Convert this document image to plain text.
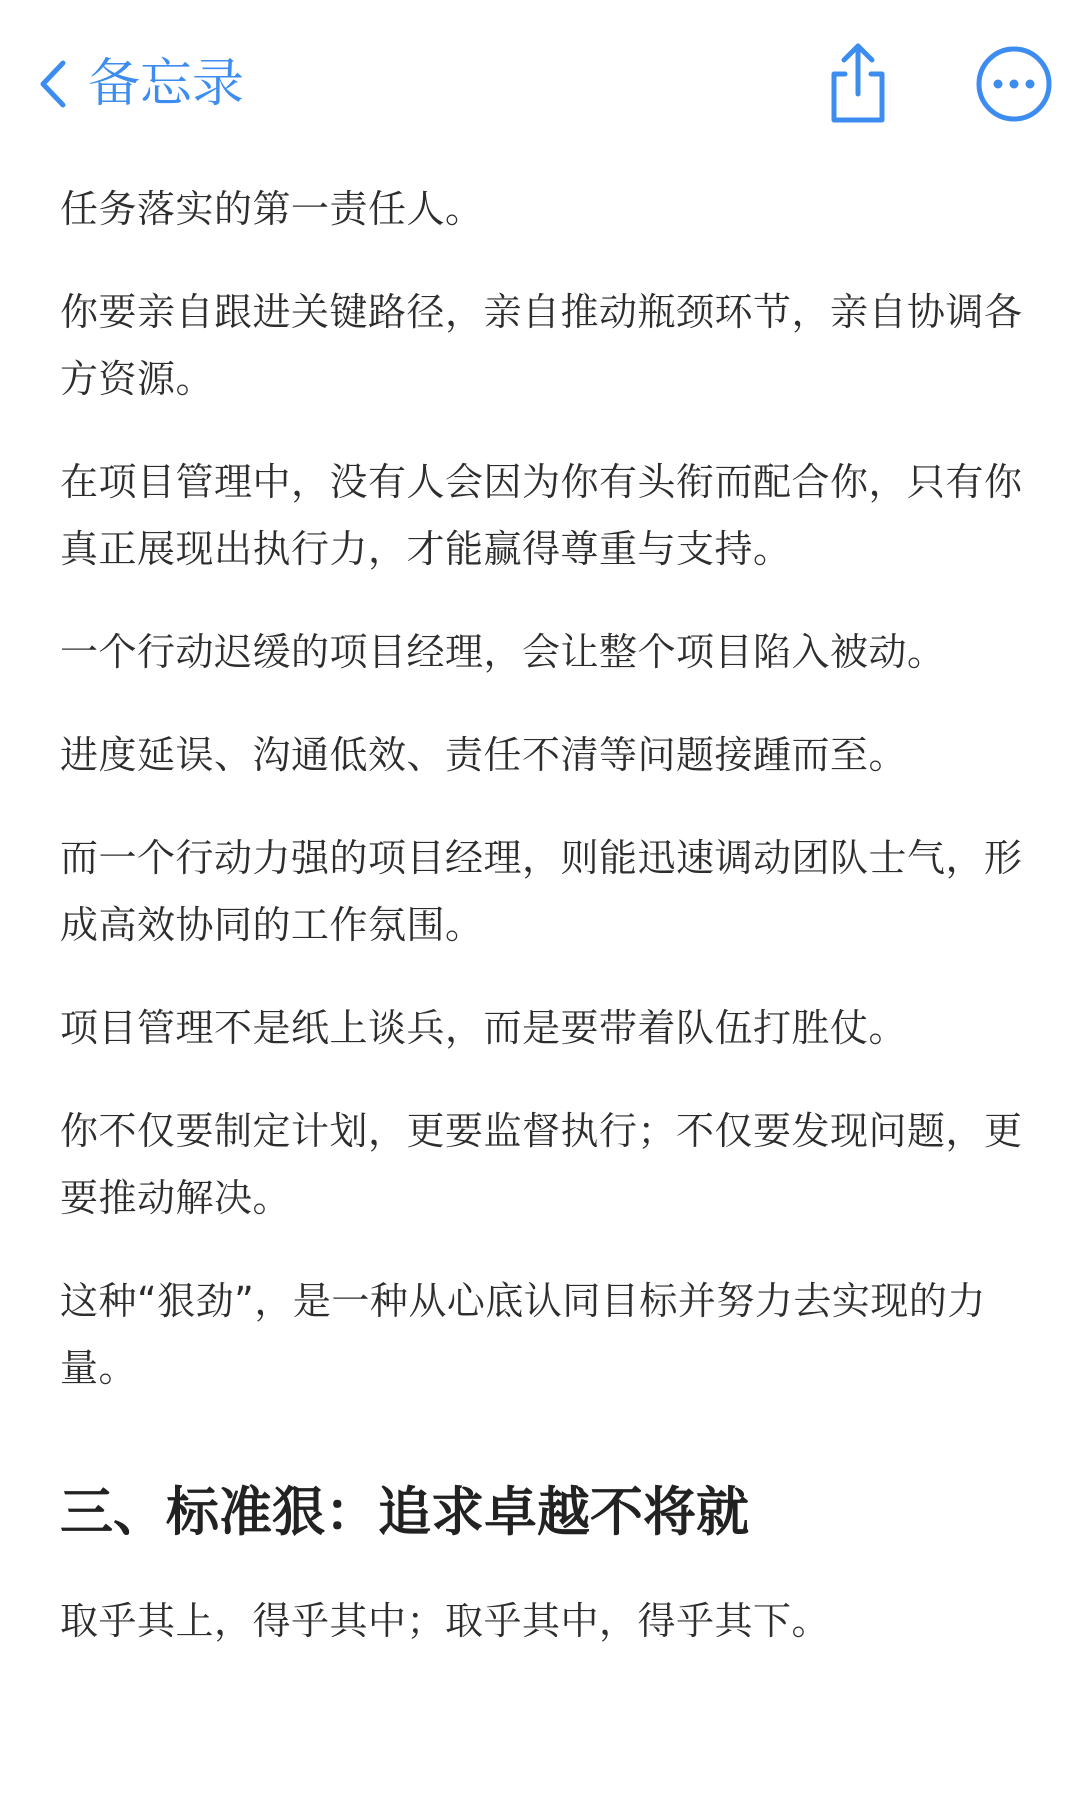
备忘录

任务落实的第一责任人。

你要亲自跟进关键路径，亲自推动瓶颈环节，亲自协调各方资源。

在项目管理中，没有人会因为你有头衔而配合你，只有你真正展现出执行力，才能赢得尊重与支持。

一个行动迟缓的项目经理，会让整个项目陷入被动。

进度延误、沟通低效、责任不清等问题接踵而至。

而一个行动力强的项目经理，则能迅速调动团队士气，形成高效协同的工作氛围。

项目管理不是纸上谈兵，而是要带着队伍打胜仗。

你不仅要制定计划，更要监督执行；不仅要发现问题，更要推动解决。

这种“狠劲”，是一种从心底认同目标并努力去实现的力量。

三、标准狠：追求卓越不将就

取乎其上，得乎其中；取乎其中，得乎其下。
